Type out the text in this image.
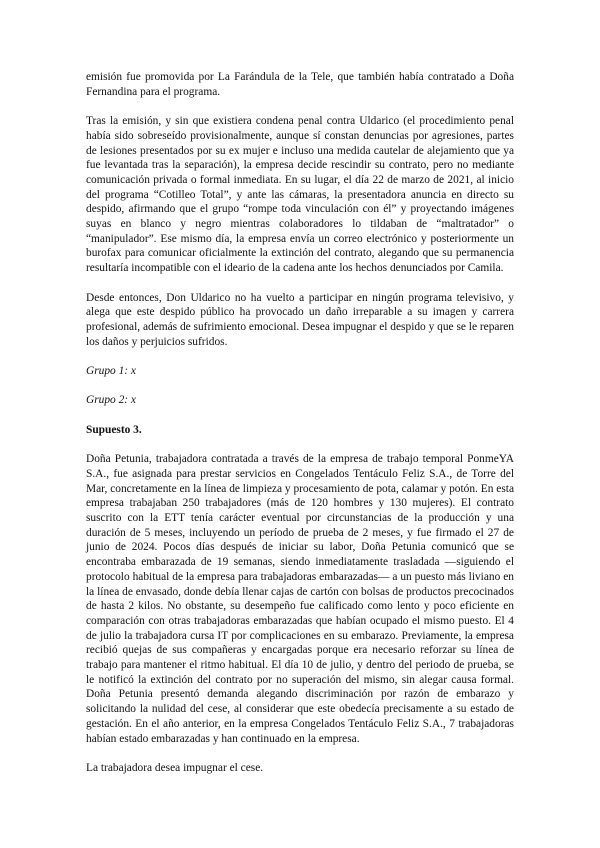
emisión fue promovida por La Farándula de la Tele, que también había contratado a Doña Fernandina para el programa.

Tras la emisión, y sin que existiera condena penal contra Uldarico (el procedimiento penal había sido sobreseído provisionalmente, aunque sí constan denuncias por agresiones, partes de lesiones presentados por su ex mujer e incluso una medida cautelar de alejamiento que ya fue levantada tras la separación), la empresa decide rescindir su contrato, pero no mediante comunicación privada o formal inmediata. En su lugar, el día 22 de marzo de 2021, al inicio del programa “Cotilleo Total”, y ante las cámaras, la presentadora anuncia en directo su despido, afirmando que el grupo “rompe toda vinculación con él” y proyectando imágenes suyas en blanco y negro mientras colaboradores lo tildaban de “maltratador” o “manipulador”. Ese mismo día, la empresa envía un correo electrónico y posteriormente un burofax para comunicar oficialmente la extinción del contrato, alegando que su permanencia resultaría incompatible con el ideario de la cadena ante los hechos denunciados por Camila.

Desde entonces, Don Uldarico no ha vuelto a participar en ningún programa televisivo, y alega que este despido público ha provocado un daño irreparable a su imagen y carrera profesional, además de sufrimiento emocional. Desea impugnar el despido y que se le reparen los daños y perjuicios sufridos.

Grupo 1: x

Grupo 2: x

Supuesto 3.

Doña Petunia, trabajadora contratada a través de la empresa de trabajo temporal PonmeYA S.A., fue asignada para prestar servicios en Congelados Tentáculo Feliz S.A., de Torre del Mar, concretamente en la línea de limpieza y procesamiento de pota, calamar y potón. En esta empresa trabajaban 250 trabajadores (más de 120 hombres y 130 mujeres). El contrato suscrito con la ETT tenía carácter eventual por circunstancias de la producción y una duración de 5 meses, incluyendo un período de prueba de 2 meses, y fue firmado el 27 de junio de 2024. Pocos días después de iniciar su labor, Doña Petunia comunicó que se encontraba embarazada de 19 semanas, siendo inmediatamente trasladada —siguiendo el protocolo habitual de la empresa para trabajadoras embarazadas— a un puesto más liviano en la línea de envasado, donde debía llenar cajas de cartón con bolsas de productos precocinados de hasta 2 kilos. No obstante, su desempeño fue calificado como lento y poco eficiente en comparación con otras trabajadoras embarazadas que habían ocupado el mismo puesto. El 4 de julio la trabajadora cursa IT por complicaciones en su embarazo. Previamente, la empresa recibió quejas de sus compañeras y encargadas porque era necesario reforzar su línea de trabajo para mantener el ritmo habitual. El día 10 de julio, y dentro del periodo de prueba, se le notificó la extinción del contrato por no superación del mismo, sin alegar causa formal. Doña Petunia presentó demanda alegando discriminación por razón de embarazo y solicitando la nulidad del cese, al considerar que este obedecía precisamente a su estado de gestación. En el año anterior, en la empresa Congelados Tentáculo Feliz S.A., 7 trabajadoras habían estado embarazadas y han continuado en la empresa.

La trabajadora desea impugnar el cese.
